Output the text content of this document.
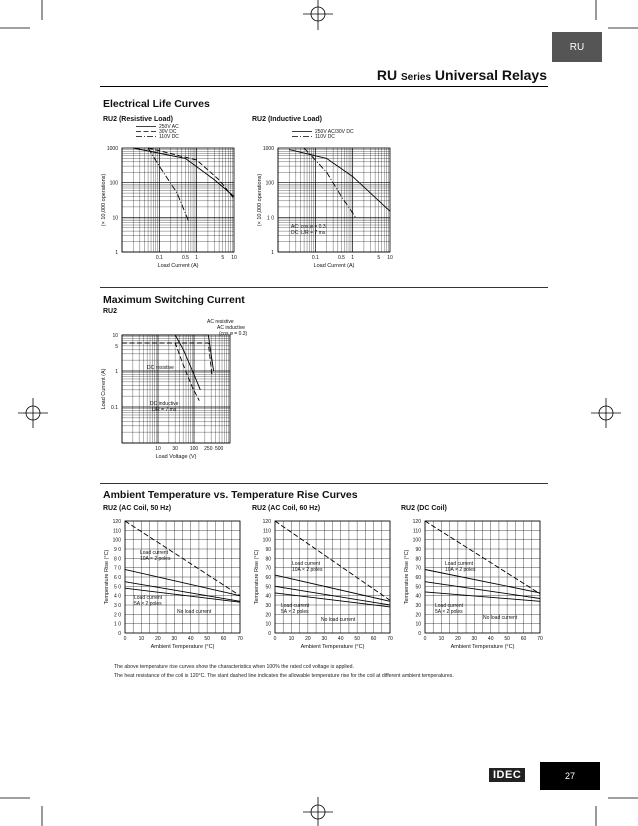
RU
RU Series Universal Relays
Electrical Life Curves
Maximum Switching Current
RU2
Ambient Temperature vs. Temperature Rise Curves
RU2 (Resistive Load)
0.1	0.5 1	5 10
1
10
100
1000
Load Current (A)
(× 10,000 operations)
250V AC
30V DC
110V DC
RU2 (Inductive Load)
0.1	0.5 1	5 10
1
1 0
100
1000
Load Current (A)
(× 10,000 operations)
250V AC/30V DC
110V DC
AC: cos ø = 0.3
DC: L/R = 7 ms
10 30 100 250 500
0.1
1
5
10
Load Voltage (V)
Load Current (A)
AC resistive
AC inductive
(cos ø = 0.3)
DC resistive
DC inductive
L/R = 7 ms
RU2 (AC Coil, 50 Hz)
0 10 20 30 40 50 60 70
0
1 0
2 0
3 0
4 0
5 0
6 0
7 0
8 0
9 0
100
110
120
Ambient Temperature (°C)
Temperature Rise (°C)	Load current
10A × 2 poles
Load current
5A × 2 poles
No load current
RU2 (AC Coil, 60 Hz)
0 10 20 30 40 50 60 70
0
10
20
30
40
50
60
70
80
90
100
110
120
Ambient Temperature (°C)
Temperature Rise (°C)	Load current
10A × 2 poles
Load current
5A × 2 poles
No load current
RU2 (DC Coil)
0 10 20 30 40 50 60 70
0
10
20
30
40
50
60
70
80
90
100
110
120
Ambient Temperature (°C)
Temperature Rise (°C)	Load current
10A × 2 poles
Load current
5A × 2 poles
No load current
The above temperature rise curves show the characteristics when 100% the rated coil voltage is applied.
The heat resistance of the coil is 120°C. The slant dashed line indicates the allowable temperature rise for the coil at different ambient temperatures.
IDEC	27
